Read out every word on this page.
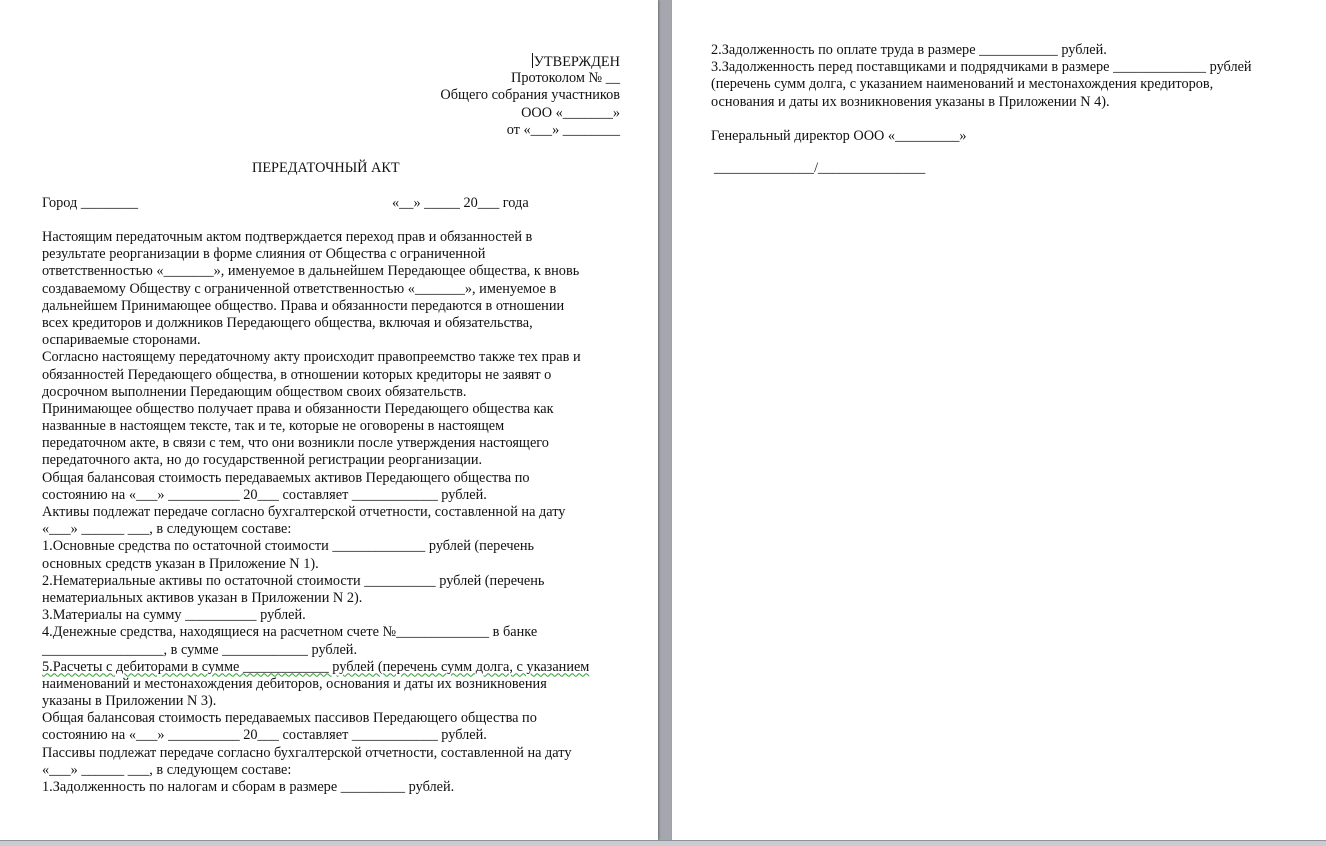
УТВЕРЖДЕН
Протоколом № __
Общего собрания участников
ООО «_______»
от «___» ________
ПЕРЕДАТОЧНЫЙ АКТ
Город ________	«__» _____ 20___ года
Настоящим передаточным актом подтверждается переход прав и обязанностей в
результате реорганизации в форме слияния от Общества с ограниченной
ответственностью «_______», именуемое в дальнейшем Передающее общества, к вновь
создаваемому Обществу с ограниченной ответственностью «_______», именуемое в
дальнейшем Принимающее общество. Права и обязанности передаются в отношении
всех кредиторов и должников Передающего общества, включая и обязательства,
оспариваемые сторонами.
Согласно настоящему передаточному акту происходит правопреемство также тех прав и
обязанностей Передающего общества, в отношении которых кредиторы не заявят о
досрочном выполнении Передающим обществом своих обязательств.
Принимающее общество получает права и обязанности Передающего общества как
названные в настоящем тексте, так и те, которые не оговорены в настоящем
передаточном акте, в связи с тем, что они возникли после утверждения настоящего
передаточного акта, но до государственной регистрации реорганизации.
Общая балансовая стоимость передаваемых активов Передающего общества по
состоянию на «___» __________ 20___ составляет ____________ рублей.
Активы подлежат передаче согласно бухгалтерской отчетности, составленной на дату
«___» ______ ___, в следующем составе:
1.Основные средства по остаточной стоимости _____________ рублей (перечень
основных средств указан в Приложение N 1).
2.Нематериальные активы по остаточной стоимости __________ рублей (перечень
нематериальных активов указан в Приложении N 2).
3.Материалы на сумму __________ рублей.
4.Денежные средства, находящиеся на расчетном счете №_____________ в банке
_________________, в сумме ____________ рублей.
5.Расчеты с дебиторами в сумме ____________ рублей (перечень сумм долга, с указанием
наименований и местонахождения дебиторов, основания и даты их возникновения
указаны в Приложении N 3).
Общая балансовая стоимость передаваемых пассивов Передающего общества по
состоянию на «___» __________ 20___ составляет ____________ рублей.
Пассивы подлежат передаче согласно бухгалтерской отчетности, составленной на дату
«___» ______ ___, в следующем составе:
1.Задолженность по налогам и сборам в размере _________ рублей.
2.Задолженность по оплате труда в размере ___________ рублей.
3.Задолженность перед поставщиками и подрядчиками в размере _____________ рублей
(перечень сумм долга, с указанием наименований и местонахождения кредиторов,
основания и даты их возникновения указаны в Приложении N 4).
Генеральный директор ООО «_________»
______________/_______________
